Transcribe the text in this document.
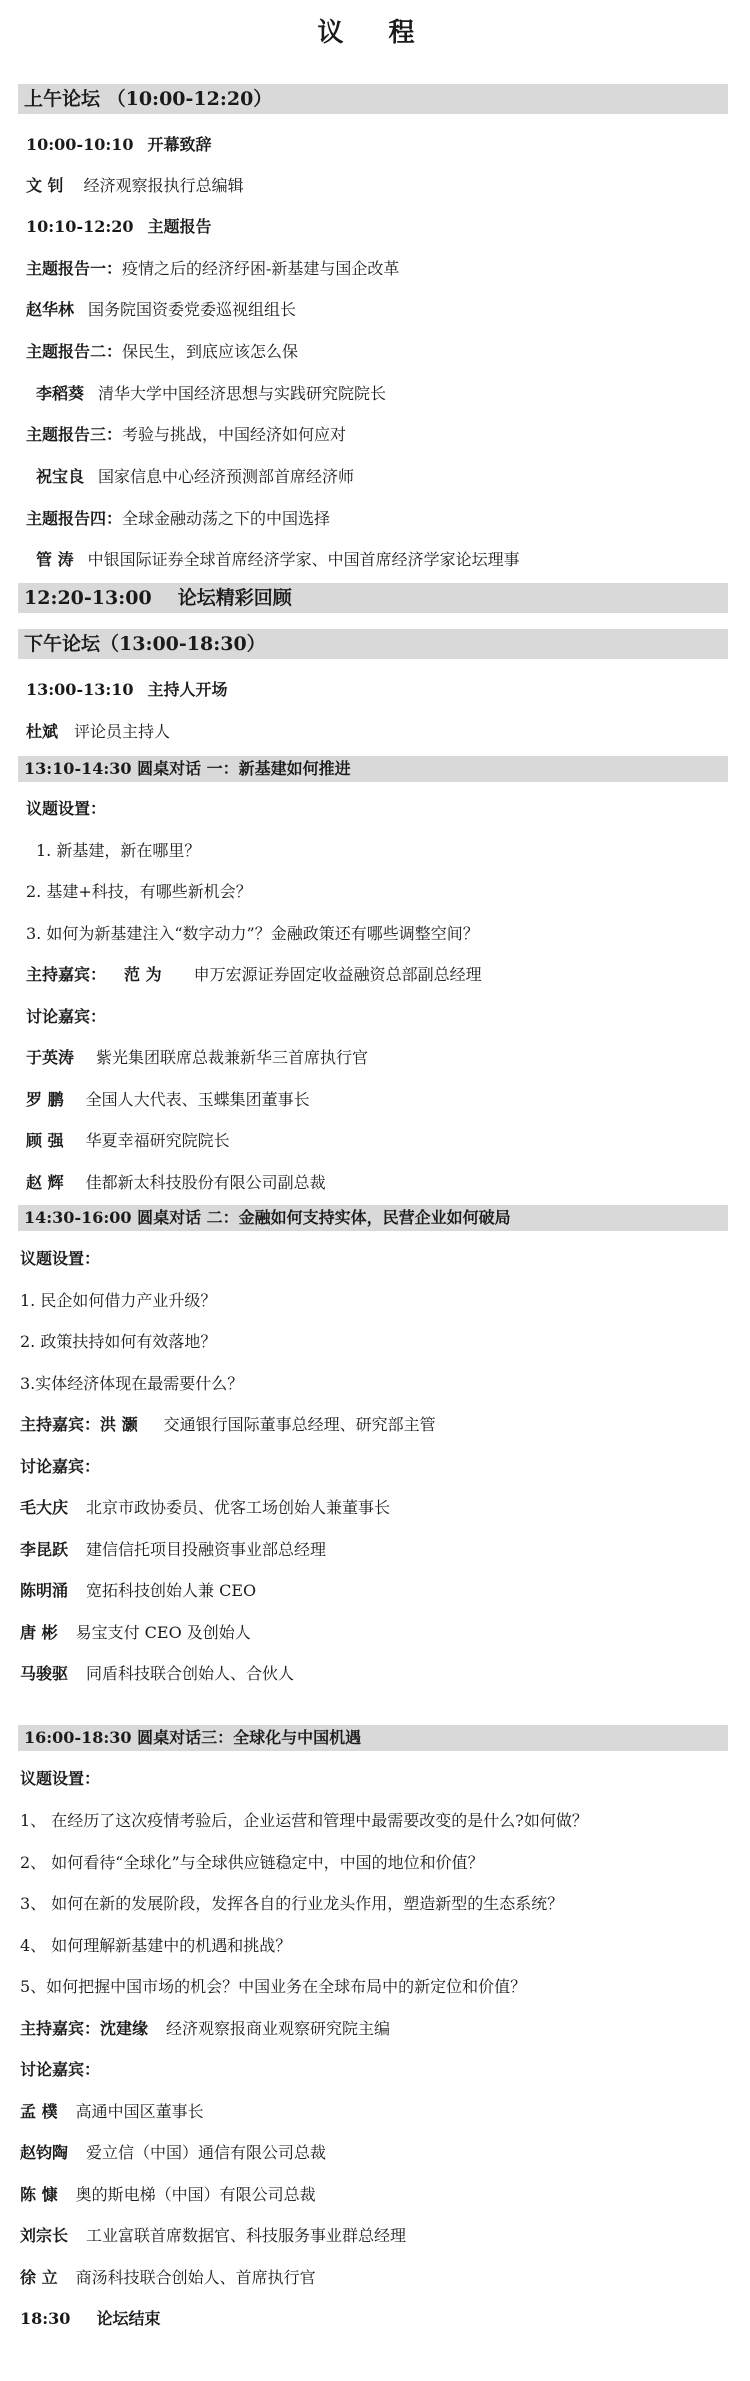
议 程
上午论坛 （10:00-12:20）
10:00-10:10 开幕致辞
文 钊 经济观察报执行总编辑
10:10-12:20 主题报告
主题报告一：疫情之后的经济纾困-新基建与国企改革
赵华林 国务院国资委党委巡视组组长
主题报告二：保民生，到底应该怎么保
李稻葵 清华大学中国经济思想与实践研究院院长
主题报告三：考验与挑战，中国经济如何应对
祝宝良 国家信息中心经济预测部首席经济师
主题报告四：全球金融动荡之下的中国选择
管 涛 中银国际证券全球首席经济学家、中国首席经济学家论坛理事
12:20-13:00 论坛精彩回顾
下午论坛（13:00-18:30）
13:00-13:10 主持人开场
杜斌 评论员主持人
13:10-14:30 圆桌对话 一：新基建如何推进
议题设置：
1. 新基建，新在哪里？
2. 基建+科技，有哪些新机会？
3. 如何为新基建注入“数字动力”？金融政策还有哪些调整空间？
主持嘉宾： 范 为 申万宏源证券固定收益融资总部副总经理
讨论嘉宾：
于英涛 紫光集团联席总裁兼新华三首席执行官
罗 鹏 全国人大代表、玉蝶集团董事长
顾 强 华夏幸福研究院院长
赵 辉 佳都新太科技股份有限公司副总裁
14:30-16:00 圆桌对话 二：金融如何支持实体，民营企业如何破局
议题设置：
1. 民企如何借力产业升级？
2. 政策扶持如何有效落地？
3.实体经济体现在最需要什么？
主持嘉宾：洪 灏 交通银行国际董事总经理、研究部主管
讨论嘉宾：
毛大庆 北京市政协委员、优客工场创始人兼董事长
李昆跃 建信信托项目投融资事业部总经理
陈明涌 宽拓科技创始人兼 CEO
唐 彬 易宝支付 CEO 及创始人
马骏驱 同盾科技联合创始人、合伙人
16:00-18:30 圆桌对话三：全球化与中国机遇
议题设置：
1、 在经历了这次疫情考验后，企业运营和管理中最需要改变的是什么?如何做？
2、 如何看待“全球化”与全球供应链稳定中，中国的地位和价值？
3、 如何在新的发展阶段，发挥各自的行业龙头作用，塑造新型的生态系统？
4、 如何理解新基建中的机遇和挑战？
5、如何把握中国市场的机会？中国业务在全球布局中的新定位和价值？
主持嘉宾：沈建缘 经济观察报商业观察研究院主编
讨论嘉宾：
孟 樸 高通中国区董事长
赵钧陶 爱立信（中国）通信有限公司总裁
陈 慷 奥的斯电梯（中国）有限公司总裁
刘宗长 工业富联首席数据官、科技服务事业群总经理
徐 立 商汤科技联合创始人、首席执行官
18:30 论坛结束
